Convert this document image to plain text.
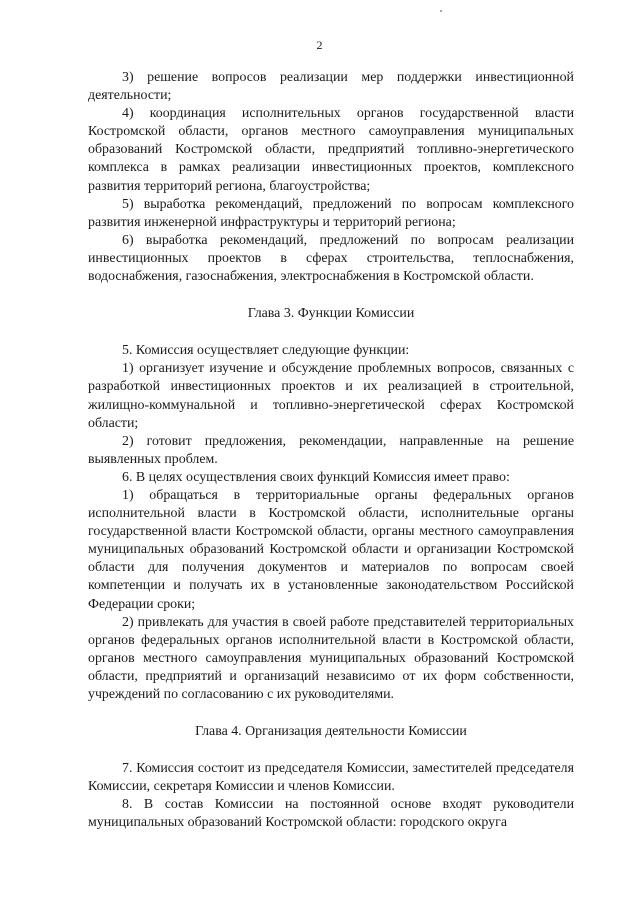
2

3) решение вопросов реализации мер поддержки инвестиционной деятельности;

4) координация исполнительных органов государственной власти Костромской области, органов местного самоуправления муниципальных образований Костромской области, предприятий топливно-энергетического комплекса в рамках реализации инвестиционных проектов, комплексного развития территорий региона, благоустройства;

5) выработка рекомендаций, предложений по вопросам комплексного развития инженерной инфраструктуры и территорий региона;

6) выработка рекомендаций, предложений по вопросам реализации инвестиционных проектов в сферах строительства, теплоснабжения, водоснабжения, газоснабжения, электроснабжения в Костромской области.

Глава 3. Функции Комиссии

5. Комиссия осуществляет следующие функции:

1) организует изучение и обсуждение проблемных вопросов, связанных с разработкой инвестиционных проектов и их реализацией в строительной, жилищно-коммунальной и топливно-энергетической сферах Костромской области;

2) готовит предложения, рекомендации, направленные на решение выявленных проблем.

6. В целях осуществления своих функций Комиссия имеет право:

1) обращаться в территориальные органы федеральных органов исполнительной власти в Костромской области, исполнительные органы государственной власти Костромской области, органы местного самоуправления муниципальных образований Костромской области и организации Костромской области для получения документов и материалов по вопросам своей компетенции и получать их в установленные законодательством Российской Федерации сроки;

2) привлекать для участия в своей работе представителей территориальных органов федеральных органов исполнительной власти в Костромской области, органов местного самоуправления муниципальных образований Костромской области, предприятий и организаций независимо от их форм собственности, учреждений по согласованию с их руководителями.

Глава 4. Организация деятельности Комиссии

7. Комиссия состоит из председателя Комиссии, заместителей председателя Комиссии, секретаря Комиссии и членов Комиссии.

8. В состав Комиссии на постоянной основе входят руководители муниципальных образований Костромской области: городского округа
